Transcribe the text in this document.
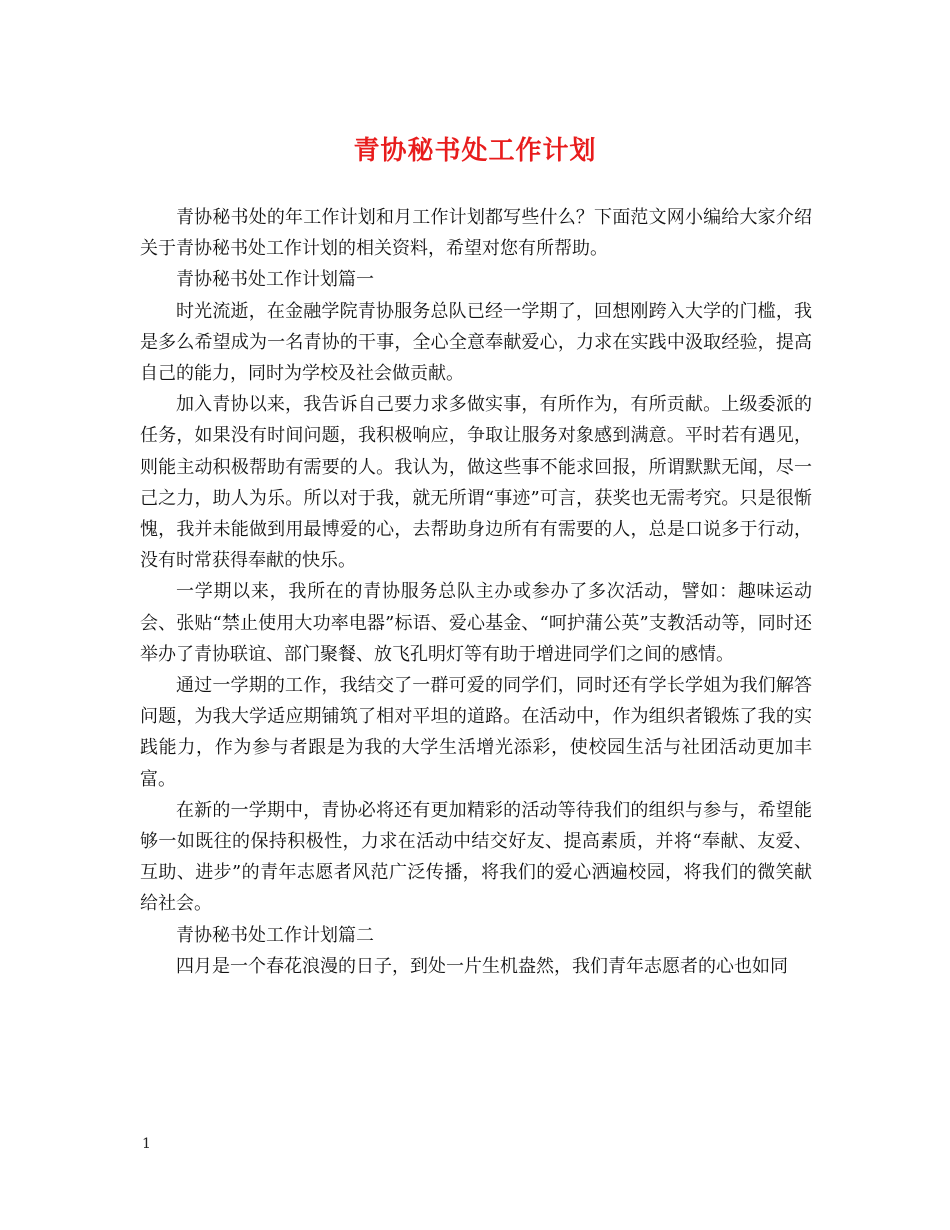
青协秘书处工作计划

青协秘书处的年工作计划和月工作计划都写些什么？下面范文网小编给大家介绍关于青协秘书处工作计划的相关资料，希望对您有所帮助。

青协秘书处工作计划篇一

时光流逝，在金融学院青协服务总队已经一学期了，回想刚跨入大学的门槛，我是多么希望成为一名青协的干事，全心全意奉献爱心，力求在实践中汲取经验，提高自己的能力，同时为学校及社会做贡献。

加入青协以来，我告诉自己要力求多做实事，有所作为，有所贡献。上级委派的任务，如果没有时间问题，我积极响应，争取让服务对象感到满意。平时若有遇见，则能主动积极帮助有需要的人。我认为，做这些事不能求回报，所谓默默无闻，尽一己之力，助人为乐。所以对于我，就无所谓“事迹”可言，获奖也无需考究。只是很惭愧，我并未能做到用最博爱的心，去帮助身边所有有需要的人，总是口说多于行动，没有时常获得奉献的快乐。

一学期以来，我所在的青协服务总队主办或参办了多次活动，譬如：趣味运动会、张贴“禁止使用大功率电器”标语、爱心基金、“呵护蒲公英”支教活动等，同时还举办了青协联谊、部门聚餐、放飞孔明灯等有助于增进同学们之间的感情。

通过一学期的工作，我结交了一群可爱的同学们，同时还有学长学姐为我们解答问题，为我大学适应期铺筑了相对平坦的道路。在活动中，作为组织者锻炼了我的实践能力，作为参与者跟是为我的大学生活增光添彩，使校园生活与社团活动更加丰富。

在新的一学期中，青协必将还有更加精彩的活动等待我们的组织与参与，希望能够一如既往的保持积极性，力求在活动中结交好友、提高素质，并将“奉献、友爱、互助、进步”的青年志愿者风范广泛传播，将我们的爱心洒遍校园，将我们的微笑献给社会。

青协秘书处工作计划篇二

四月是一个春花浪漫的日子，到处一片生机盎然，我们青年志愿者的心也如同

1
